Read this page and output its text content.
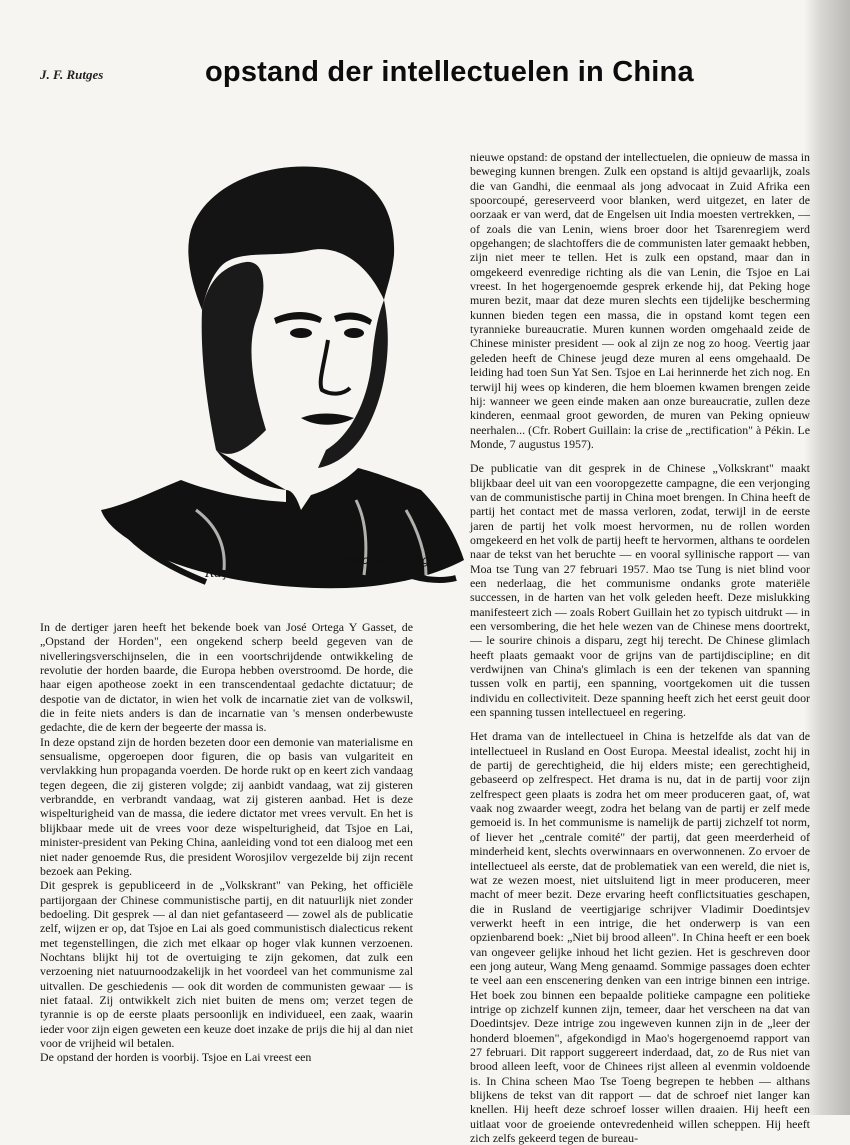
J. F. Rutges	opstand der intellectuelen in China
Mao Tse Toeng
Raça

In de dertiger jaren heeft het bekende boek van José Ortega Y Gasset, de „Opstand der Horden", een ongekend scherp beeld gegeven van de nivelleringsverschijnselen, die in een voortschrijdende ontwikkeling de revolutie der horden baarde, die Europa hebben overstroomd. De horde, die haar eigen apotheose zoekt in een transcendentaal gedachte dictatuur; de despotie van de dictator, in wien het volk de incarnatie ziet van de volkswil, die in feite niets anders is dan de incarnatie van 's mensen onderbewuste gedachte, die de kern der begeerte der massa is.

In deze opstand zijn de horden bezeten door een demonie van materialisme en sensualisme, opgeroepen door figuren, die op basis van vulgariteit en vervlakking hun propaganda voerden. De horde rukt op en keert zich vandaag tegen degeen, die zij gisteren volgde; zij aanbidt vandaag, wat zij gisteren verbrandde, en verbrandt vandaag, wat zij gisteren aanbad. Het is deze wispelturigheid van de massa, die iedere dictator met vrees vervult. En het is blijkbaar mede uit de vrees voor deze wispelturigheid, dat Tsjoe en Lai, minister-president van Peking China, aanleiding vond tot een dialoog met een niet nader genoemde Rus, die president Worosjilov vergezelde bij zijn recent bezoek aan Peking.

Dit gesprek is gepubliceerd in de „Volkskrant" van Peking, het officiële partijorgaan der Chinese communistische partij, en dit natuurlijk niet zonder bedoeling. Dit gesprek — al dan niet gefantaseerd — zowel als de publicatie zelf, wijzen er op, dat Tsjoe en Lai als goed communistisch dialecticus rekent met tegenstellingen, die zich met elkaar op hoger vlak kunnen verzoenen. Nochtans blijkt hij tot de overtuiging te zijn gekomen, dat zulk een verzoening niet natuurnoodzakelijk in het voordeel van het communisme zal uitvallen. De geschiedenis — ook dit worden de communisten gewaar — is niet fataal. Zij ontwikkelt zich niet buiten de mens om; verzet tegen de tyrannie is op de eerste plaats persoonlijk en individueel, een zaak, waarin ieder voor zijn eigen geweten een keuze doet inzake de prijs die hij al dan niet voor de vrijheid wil betalen.

De opstand der horden is voorbij. Tsjoe en Lai vreest een

nieuwe opstand: de opstand der intellectuelen, die opnieuw de massa in beweging kunnen brengen. Zulk een opstand is altijd gevaarlijk, zoals die van Gandhi, die eenmaal als jong advocaat in Zuid Afrika een spoorcoupé, gereserveerd voor blanken, werd uitgezet, en later de oorzaak er van werd, dat de Engelsen uit India moesten vertrekken, — of zoals die van Lenin, wiens broer door het Tsarenregiem werd opgehangen; de slachtoffers die de communisten later gemaakt hebben, zijn niet meer te tellen. Het is zulk een opstand, maar dan in omgekeerd evenredige richting als die van Lenin, die Tsjoe en Lai vreest. In het hogergenoemde gesprek erkende hij, dat Peking hoge muren bezit, maar dat deze muren slechts een tijdelijke bescherming kunnen bieden tegen een massa, die in opstand komt tegen een tyrannieke bureaucratie. Muren kunnen worden omgehaald zeide de Chinese minister president — ook al zijn ze nog zo hoog. Veertig jaar geleden heeft de Chinese jeugd deze muren al eens omgehaald. De leiding had toen Sun Yat Sen. Tsjoe en Lai herinnerde het zich nog. En terwijl hij wees op kinderen, die hem bloemen kwamen brengen zeide hij: wanneer we geen einde maken aan onze bureaucratie, zullen deze kinderen, eenmaal groot geworden, de muren van Peking opnieuw neerhalen... (Cfr. Robert Guillain: la crise de „rectification" à Pékin. Le Monde, 7 augustus 1957).

De publicatie van dit gesprek in de Chinese „Volkskrant" maakt blijkbaar deel uit van een vooropgezette campagne, die een verjonging van de communistische partij in China moet brengen. In China heeft de partij het contact met de massa verloren, zodat, terwijl in de eerste jaren de partij het volk moest hervormen, nu de rollen worden omgekeerd en het volk de partij heeft te hervormen, althans te oordelen naar de tekst van het beruchte — en vooral syllinische rapport — van Moa tse Tung van 27 februari 1957. Mao tse Tung is niet blind voor een nederlaag, die het communisme ondanks grote materiële successen, in de harten van het volk geleden heeft. Deze mislukking manifesteert zich — zoals Robert Guillain het zo typisch uitdrukt — in een versombering, die het hele wezen van de Chinese mens doortrekt, — le sourire chinois a disparu, zegt hij terecht. De Chinese glimlach heeft plaats gemaakt voor de grijns van de partijdiscipline; en dit verdwijnen van China's glimlach is een der tekenen van spanning tussen volk en partij, een spanning, voortgekomen uit die tussen individu en collectiviteit. Deze spanning heeft zich het eerst geuit door een spanning tussen intellectueel en regering.

Het drama van de intellectueel in China is hetzelfde als dat van de intellectueel in Rusland en Oost Europa. Meestal idealist, zocht hij in de partij de gerechtigheid, die hij elders miste; een gerechtigheid, gebaseerd op zelfrespect. Het drama is nu, dat in de partij voor zijn zelfrespect geen plaats is zodra het om meer produceren gaat, of, wat vaak nog zwaarder weegt, zodra het belang van de partij er zelf mede gemoeid is. In het communisme is namelijk de partij zichzelf tot norm, of liever het „centrale comité" der partij, dat geen meerderheid of minderheid kent, slechts overwinnaars en overwonnenen. Zo ervoer de intellectueel als eerste, dat de problematiek van een wereld, die niet is, wat ze wezen moest, niet uitsluitend ligt in meer produceren, meer macht of meer bezit. Deze ervaring heeft conflictsituaties geschapen, die in Rusland de veertigjarige schrijver Vladimir Doedintsjev verwerkt heeft in een intrige, die het onderwerp is van een opzienbarend boek: „Niet bij brood alleen". In China heeft er een boek van ongeveer gelijke inhoud het licht gezien. Het is geschreven door een jong auteur, Wang Meng genaamd. Sommige passages doen echter te veel aan een enscenering denken van een intrige binnen een intrige. Het boek zou binnen een bepaalde politieke campagne een politieke intrige op zichzelf kunnen zijn, temeer, daar het verscheen na dat van Doedintsjev. Deze intrige zou ingeweven kunnen zijn in de „leer der honderd bloemen", afgekondigd in Mao's hogergenoemd rapport van 27 februari. Dit rapport suggereert inderdaad, dat, zo de Rus niet van brood alleen leeft, voor de Chinees rijst alleen al evenmin voldoende is. In China scheen Mao Tse Toeng begrepen te hebben — althans blijkens de tekst van dit rapport — dat de schroef niet langer kan knellen. Hij heeft deze schroef losser willen draaien. Hij heeft een uitlaat voor de groeiende ontevredenheid willen scheppen. Hij heeft zich zelfs gekeerd tegen de bureau-
